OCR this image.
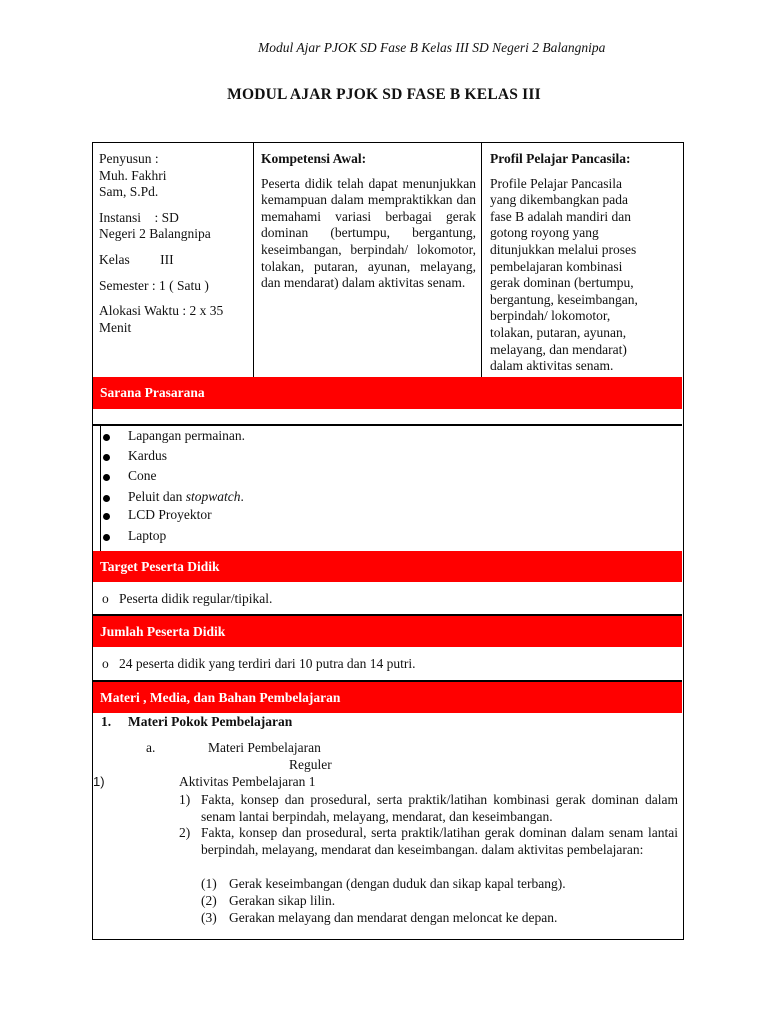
Modul Ajar PJOK SD Fase B Kelas III SD Negeri 2 Balangnipa
MODUL AJAR PJOK SD FASE B KELAS III

Penyusun :
Muh. Fakhri
Sam, S.Pd.

Instansi    : SD
Negeri 2 Balangnipa

Kelas         III

Semester : 1 ( Satu )

Alokasi Waktu : 2 x 35
Menit

Kompetensi Awal:
Peserta didik telah dapat menunjukkan kemampuan dalam mempraktikkan dan memahami variasi berbagai gerak dominan (bertumpu, bergantung, keseimbangan, berpindah/ lokomotor, tolakan, putaran, ayunan, melayang, dan mendarat) dalam aktivitas senam.
Profil Pelajar Pancasila:
Profile Pelajar Pancasila
yang dikembangkan pada
fase B adalah mandiri dan
gotong royong yang
ditunjukkan melalui proses
pembelajaran kombinasi
gerak dominan (bertumpu,
bergantung, keseimbangan,
berpindah/ lokomotor,
tolakan, putaran, ayunan,
melayang, dan mendarat)
dalam aktivitas senam.
Sarana Prasarana
Lapangan permainan.
Kardus
Cone
Peluit dan stopwatch.
LCD Proyektor
Laptop
Target Peserta Didik
o Peserta didik regular/tipikal.
Jumlah Peserta Didik
o 24 peserta didik yang terdiri dari 10 putra dan 14 putri.
Materi , Media, dan Bahan Pembelajaran
1. Materi Pokok Pembelajaran
a.	Materi Pembelajaran
Reguler
1)	Aktivitas Pembelajaran 1
1) Fakta, konsep dan prosedural, serta praktik/latihan kombinasi gerak dominan dalam senam lantai berpindah, melayang, mendarat, dan keseimbangan.
2) Fakta, konsep dan prosedural, serta praktik/latihan gerak dominan dalam senam lantai berpindah, melayang, mendarat dan keseimbangan. dalam aktivitas pembelajaran:
(1) Gerak keseimbangan (dengan duduk dan sikap kapal terbang).
(2) Gerakan sikap lilin.
(3) Gerakan melayang dan mendarat dengan meloncat ke depan.
